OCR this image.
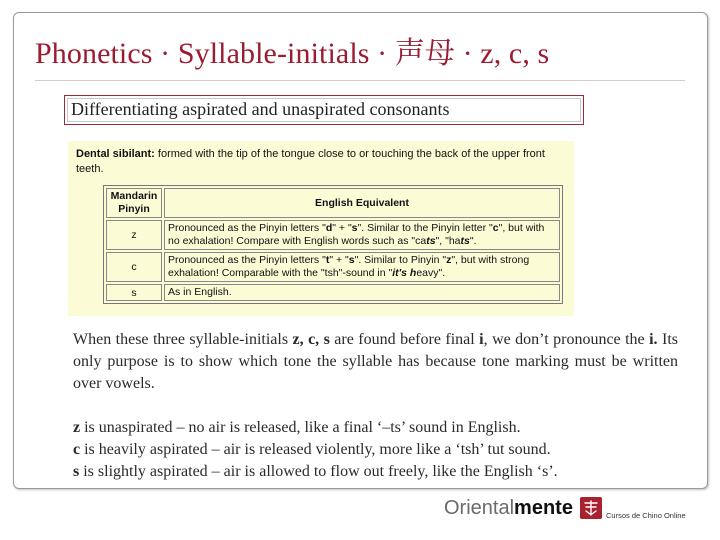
Phonetics · Syllable-initials · 声母 · z, c, s
Differentiating aspirated and unaspirated consonants
Dental sibilant: formed with the tip of the tongue close to or touching the back of the upper front teeth.
Mandarin Pinyin	English Equivalent
z	Pronounced as the Pinyin letters "d" + "s". Similar to the Pinyin letter "c", but with no exhalation! Compare with English words such as "cats", "hats".
c	Pronounced as the Pinyin letters "t" + "s". Similar to Pinyin "z", but with strong exhalation! Comparable with the "tsh"-sound in "it's heavy".
s	As in English.

When these three syllable-initials z, c, s are found before final i, we don’t pronounce the i. Its only purpose is to show which tone the syllable has because tone marking must be written over vowels.

z is unaspirated – no air is released, like a final ‘–ts’ sound in English.

c is heavily aspirated – air is released violently, more like a ‘tsh’ tut sound.

s is slightly aspirated – air is allowed to flow out freely, like the English ‘s’.

Orientalmente	Cursos de Chino Online
